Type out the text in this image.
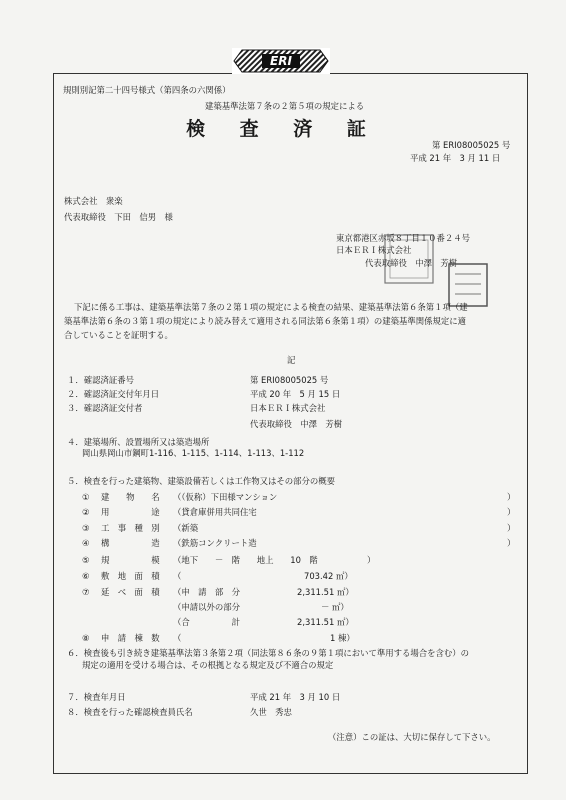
ERI
規則別記第二十四号様式（第四条の六関係）
建築基準法第７条の２第５項の規定による
検 査 済 証
第 ERI08005025 号
平成 21 年　3 月 11 日
株式会社　衆楽
代表取締役　下田　信男　様
東京都港区赤坂８丁目１０番２４号
日本ＥＲＩ株式会社
代表取締役　中澤　芳樹
下記に係る工事は、建築基準法第７条の２第１項の規定による検査の結果、建築基準法第６条第１項（建
築基準法第６条の３第１項の規定により読み替えて適用される同法第６条第１項）の建築基準関係規定に適
合していることを証明する。
記
１．確認済証番号	第 ERI08005025 号
２．確認済証交付年月日	平成 20 年　5 月 15 日
３．確認済証交付者	日本ＥＲＩ株式会社
代表取締役　中澤　芳樹
４．建築場所、設置場所又は築造場所
岡山県岡山市鋼町1-116、1-115、1-114、1-113、1-112
５．検査を行った建築物、建築設備若しくは工作物又はその部分の概要
① 建　　物　　名 （（仮称）下田様マンション	）
② 用　　　　　途 （貸倉庫併用共同住宅	）
③ 工　事　種　別 （新築	）
④ 構　　　　　造 （鉄筋コンクリート造	）
⑤ 規　　　　　模 （地下　　－　階　　地上　　10　階	）
⑥ 敷　地　面　積 （	703.42 ㎡）
⑦ 延　べ　面　積 （申　請　部　分	2,311.51 ㎡）
（申請以外の部分	－ ㎡）
（合　　　　　計	2,311.51 ㎡）
⑧ 申　請　棟　数 （	1 棟）
６．検査後も引き続き建築基準法第３条第２項（同法第８６条の９第１項において準用する場合を含む）の
規定の適用を受ける場合は、その根拠となる規定及び不適合の規定
７．検査年月日	平成 21 年　3 月 10 日
８．検査を行った確認検査員氏名	久世　秀忠
（注意）この証は、大切に保存して下さい。
